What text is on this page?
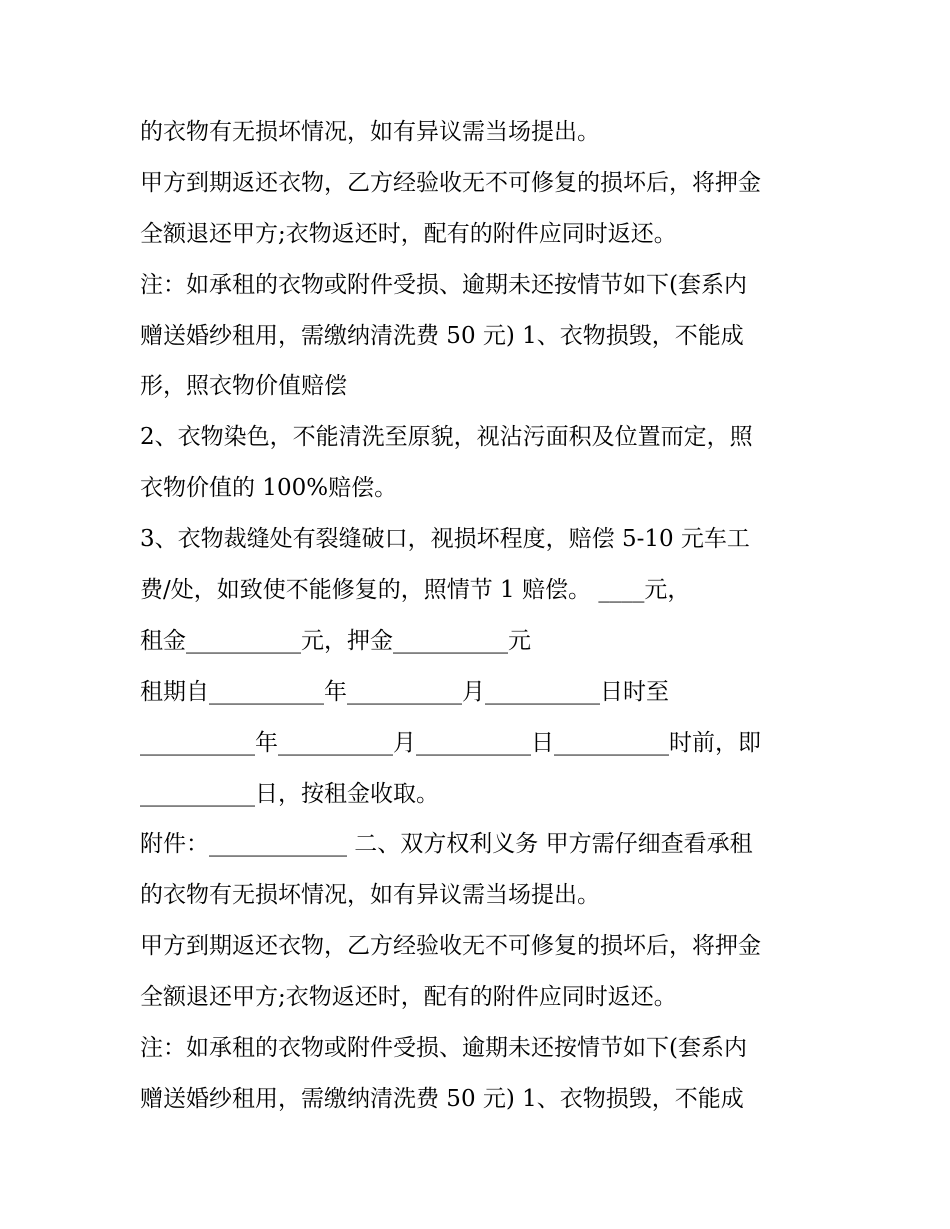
的衣物有无损坏情况，如有异议需当场提出。
甲方到期返还衣物，乙方经验收无不可修复的损坏后，将押金
全额退还甲方;衣物返还时，配有的附件应同时返还。
注：如承租的衣物或附件受损、逾期未还按情节如下(套系内
赠送婚纱租用，需缴纳清洗费 50 元) 1、衣物损毁，不能成
形，照衣物价值赔偿
2、衣物染色，不能清洗至原貌，视沾污面积及位置而定，照
衣物价值的 100%赔偿。
3、衣物裁缝处有裂缝破口，视损坏程度，赔偿 5-10 元车工
费/处，如致使不能修复的，照情节 1 赔偿。 ____元，
租金__________元，押金__________元
租期自__________年__________月__________日时至
__________年__________月__________日__________时前，即
__________日，按租金收取。
附件：____________ 二、双方权利义务 甲方需仔细查看承租
的衣物有无损坏情况，如有异议需当场提出。
甲方到期返还衣物，乙方经验收无不可修复的损坏后，将押金
全额退还甲方;衣物返还时，配有的附件应同时返还。
注：如承租的衣物或附件受损、逾期未还按情节如下(套系内
赠送婚纱租用，需缴纳清洗费 50 元) 1、衣物损毁，不能成
